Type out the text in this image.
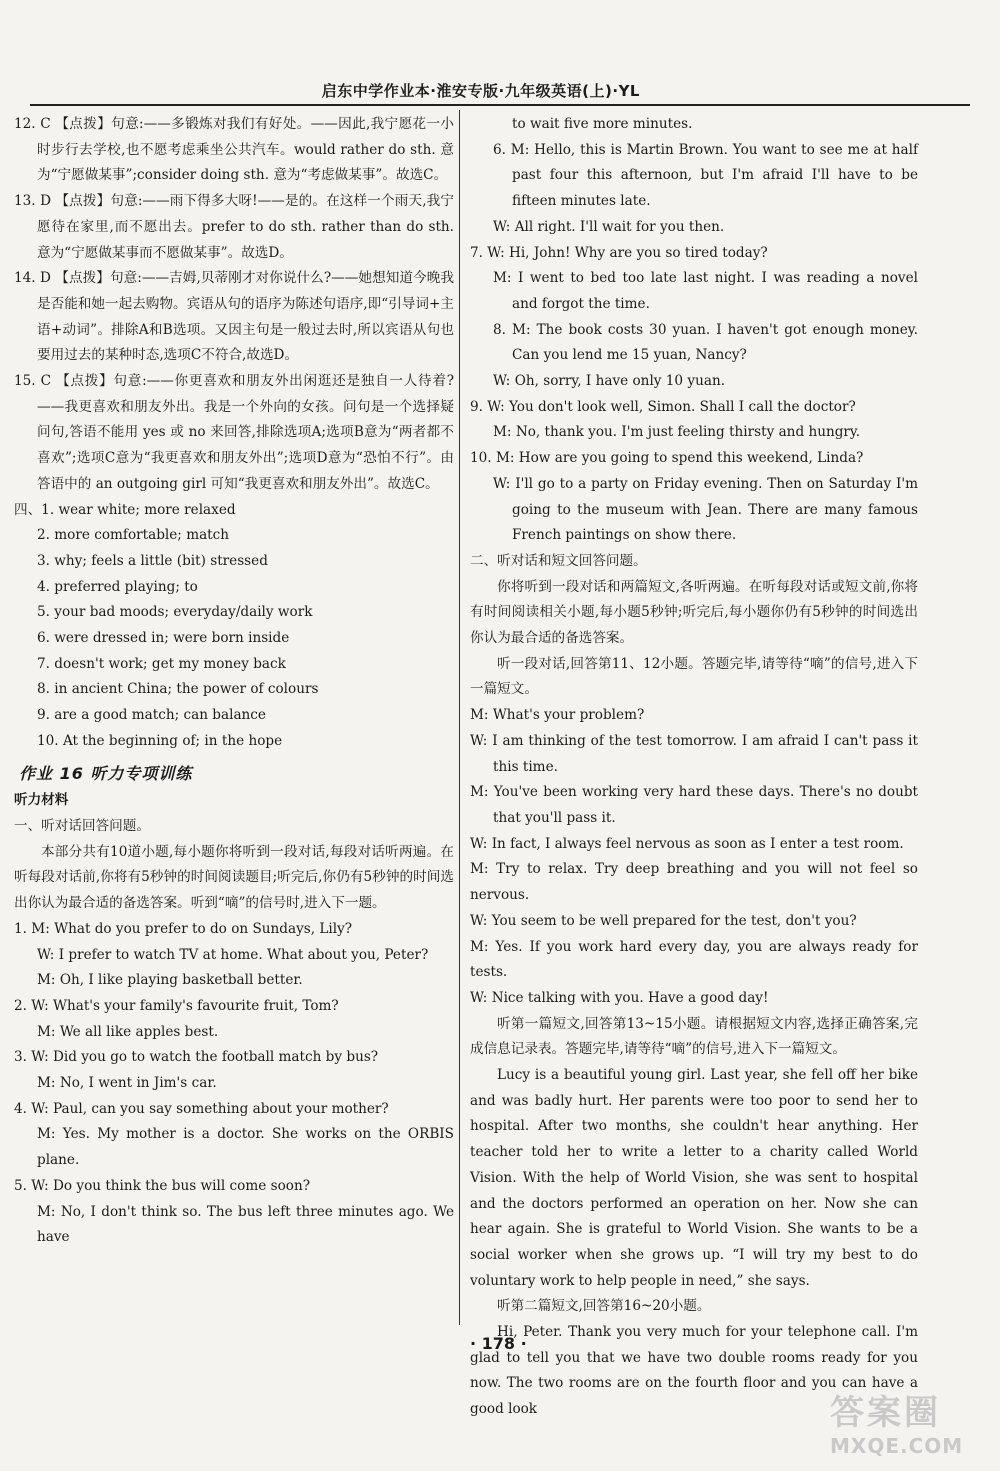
启东中学作业本·淮安专版·九年级英语(上)·YL

12. C 【点拨】句意:——多锻炼对我们有好处。——因此,我宁愿花一小时步行去学校,也不愿考虑乘坐公共汽车。would rather do sth. 意为“宁愿做某事”;consider doing sth. 意为“考虑做某事”。故选C。

13. D 【点拨】句意:——雨下得多大呀!——是的。在这样一个雨天,我宁愿待在家里,而不愿出去。prefer to do sth. rather than do sth. 意为“宁愿做某事而不愿做某事”。故选D。

14. D 【点拨】句意:——吉姆,贝蒂刚才对你说什么?——她想知道今晚我是否能和她一起去购物。宾语从句的语序为陈述句语序,即“引导词+主语+动词”。排除A和B选项。又因主句是一般过去时,所以宾语从句也要用过去的某种时态,选项C不符合,故选D。

15. C 【点拨】句意:——你更喜欢和朋友外出闲逛还是独自一人待着?——我更喜欢和朋友外出。我是一个外向的女孩。问句是一个选择疑问句,答语不能用 yes 或 no 来回答,排除选项A;选项B意为“两者都不喜欢”;选项C意为“我更喜欢和朋友外出”;选项D意为“恐怕不行”。由答语中的 an outgoing girl 可知“我更喜欢和朋友外出”。故选C。

四、1. wear white; more relaxed

2. more comfortable; match

3. why; feels a little (bit) stressed

4. preferred playing; to

5. your bad moods; everyday/daily work

6. were dressed in; were born inside

7. doesn't work; get my money back

8. in ancient China; the power of colours

9. are a good match; can balance

10. At the beginning of; in the hope

作业 16 听力专项训练

听力材料

一、听对话回答问题。

本部分共有10道小题,每小题你将听到一段对话,每段对话听两遍。在听每段对话前,你将有5秒钟的时间阅读题目;听完后,你仍有5秒钟的时间选出你认为最合适的备选答案。听到“嘀”的信号时,进入下一题。

1. M: What do you prefer to do on Sundays, Lily?

W: I prefer to watch TV at home. What about you, Peter?

M: Oh, I like playing basketball better.

2. W: What's your family's favourite fruit, Tom?

M: We all like apples best.

3. W: Did you go to watch the football match by bus?

M: No, I went in Jim's car.

4. W: Paul, can you say something about your mother?

M: Yes. My mother is a doctor. She works on the ORBIS plane.

5. W: Do you think the bus will come soon?

M: No, I don't think so. The bus left three minutes ago. We have

to wait five more minutes.

6. M: Hello, this is Martin Brown. You want to see me at half past four this afternoon, but I'm afraid I'll have to be fifteen minutes late.

W: All right. I'll wait for you then.

7. W: Hi, John! Why are you so tired today?

M: I went to bed too late last night. I was reading a novel and forgot the time.

8. M: The book costs 30 yuan. I haven't got enough money. Can you lend me 15 yuan, Nancy?

W: Oh, sorry, I have only 10 yuan.

9. W: You don't look well, Simon. Shall I call the doctor?

M: No, thank you. I'm just feeling thirsty and hungry.

10. M: How are you going to spend this weekend, Linda?

W: I'll go to a party on Friday evening. Then on Saturday I'm going to the museum with Jean. There are many famous French paintings on show there.

二、听对话和短文回答问题。

你将听到一段对话和两篇短文,各听两遍。在听每段对话或短文前,你将有时间阅读相关小题,每小题5秒钟;听完后,每小题你仍有5秒钟的时间选出你认为最合适的备选答案。

听一段对话,回答第11、12小题。答题完毕,请等待“嘀”的信号,进入下一篇短文。

M: What's your problem?

W: I am thinking of the test tomorrow. I am afraid I can't pass it this time.

M: You've been working very hard these days. There's no doubt that you'll pass it.

W: In fact, I always feel nervous as soon as I enter a test room.

M: Try to relax. Try deep breathing and you will not feel so nervous.

W: You seem to be well prepared for the test, don't you?

M: Yes. If you work hard every day, you are always ready for tests.

W: Nice talking with you. Have a good day!

听第一篇短文,回答第13~15小题。请根据短文内容,选择正确答案,完成信息记录表。答题完毕,请等待“嘀”的信号,进入下一篇短文。

Lucy is a beautiful young girl. Last year, she fell off her bike and was badly hurt. Her parents were too poor to send her to hospital. After two months, she couldn't hear anything. Her teacher told her to write a letter to a charity called World Vision. With the help of World Vision, she was sent to hospital and the doctors performed an operation on her. Now she can hear again. She is grateful to World Vision. She wants to be a social worker when she grows up. “I will try my best to do voluntary work to help people in need,” she says.

听第二篇短文,回答第16~20小题。

Hi, Peter. Thank you very much for your telephone call. I'm glad to tell you that we have two double rooms ready for you now. The two rooms are on the fourth floor and you can have a good look

· 178 ·
答案圈
MXQE.COM
